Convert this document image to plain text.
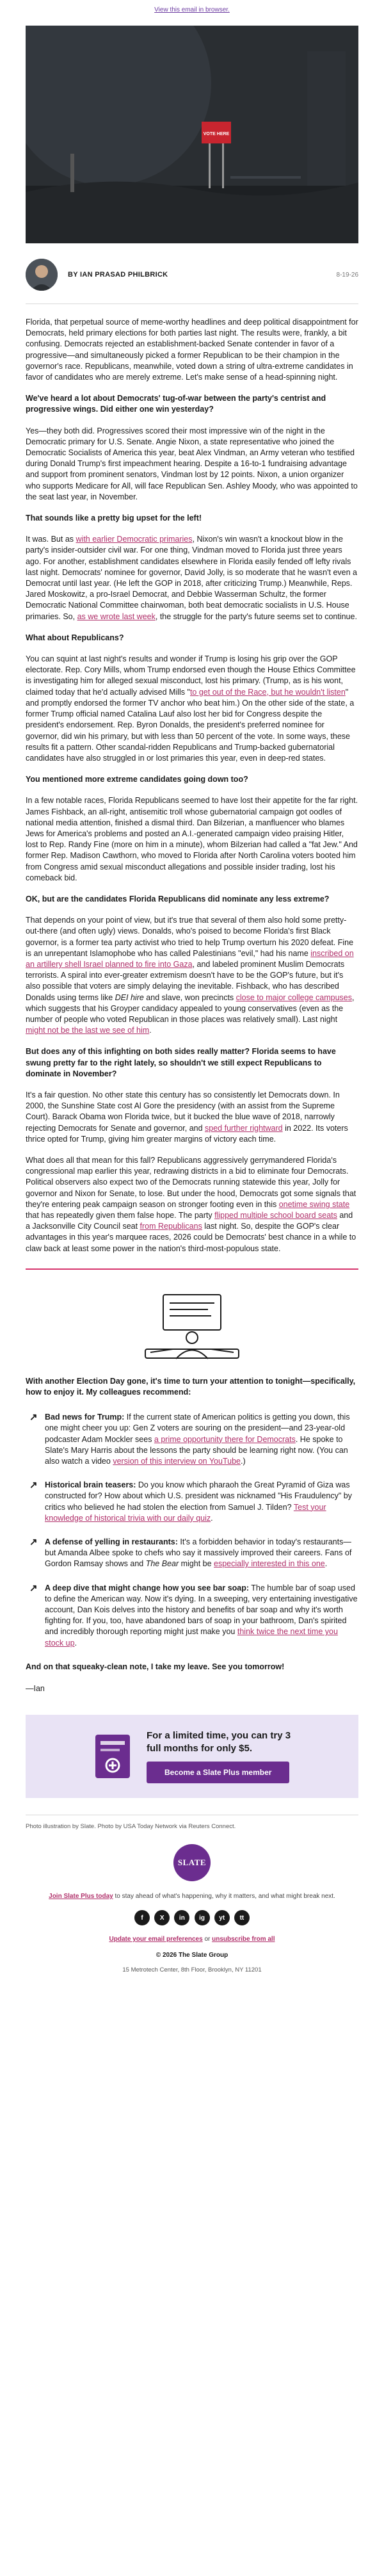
View this email in browser.
VOTE HERE
BY IAN PRASAD PHILBRICK	8-19-26

Florida, that perpetual source of meme-worthy headlines and deep political disappointment for Democrats, held primary elections for both parties last night. The results were, frankly, a bit confusing. Democrats rejected an establishment-backed Senate contender in favor of a progressive—and simultaneously picked a former Republican to be their champion in the governor's race. Republicans, meanwhile, voted down a string of ultra-extreme candidates in favor of candidates who are merely extreme. Let's make sense of a head-spinning night.

We've heard a lot about Democrats' tug-of-war between the party's centrist and progressive wings. Did either one win yesterday?

Yes—they both did. Progressives scored their most impressive win of the night in the Democratic primary for U.S. Senate. Angie Nixon, a state representative who joined the Democratic Socialists of America this year, beat Alex Vindman, an Army veteran who testified during Donald Trump's first impeachment hearing. Despite a 16-to-1 fundraising advantage and support from prominent senators, Vindman lost by 12 points. Nixon, a union organizer who supports Medicare for All, will face Republican Sen. Ashley Moody, who was appointed to the seat last year, in November.

That sounds like a pretty big upset for the left!

It was. But as with earlier Democratic primaries, Nixon's win wasn't a knockout blow in the party's insider-outsider civil war. For one thing, Vindman moved to Florida just three years ago. For another, establishment candidates elsewhere in Florida easily fended off lefty rivals last night. Democrats' nominee for governor, David Jolly, is so moderate that he wasn't even a Democrat until last year. (He left the GOP in 2018, after criticizing Trump.) Meanwhile, Reps. Jared Moskowitz, a pro-Israel Democrat, and Debbie Wasserman Schultz, the former Democratic National Committee chairwoman, both beat democratic socialists in U.S. House primaries. So, as we wrote last week, the struggle for the party's future seems set to continue.

What about Republicans?

You can squint at last night's results and wonder if Trump is losing his grip over the GOP electorate. Rep. Cory Mills, whom Trump endorsed even though the House Ethics Committee is investigating him for alleged sexual misconduct, lost his primary. (Trump, as is his wont, claimed today that he'd actually advised Mills "to get out of the Race, but he wouldn't listen" and promptly endorsed the former TV anchor who beat him.) On the other side of the state, a former Trump official named Catalina Lauf also lost her bid for Congress despite the president's endorsement. Rep. Byron Donalds, the president's preferred nominee for governor, did win his primary, but with less than 50 percent of the vote. In some ways, these results fit a pattern. Other scandal-ridden Republicans and Trump-backed gubernatorial candidates have also struggled in or lost primaries this year, even in deep-red states.

You mentioned more extreme candidates going down too?

In a few notable races, Florida Republicans seemed to have lost their appetite for the far right. James Fishback, an all-right, antisemitic troll whose gubernatorial campaign got oodles of national media attention, finished a dismal third. Dan Bilzerian, a manfluencer who blames Jews for America's problems and posted an A.I.-generated campaign video praising Hitler, lost to Rep. Randy Fine (more on him in a minute), whom Bilzerian had called a "fat Jew." And former Rep. Madison Cawthorn, who moved to Florida after North Carolina voters booted him from Congress amid sexual misconduct allegations and possible insider trading, lost his comeback bid.

OK, but are the candidates Florida Republicans did nominate any less extreme?

That depends on your point of view, but it's true that several of them also hold some pretty-out-there (and often ugly) views. Donalds, who's poised to become Florida's first Black governor, is a former tea party activist who tried to help Trump overturn his 2020 defeat. Fine is an unrepentant Islamophobe who has called Palestinians "evil," had his name inscribed on an artillery shell Israel planned to fire into Gaza, and labeled prominent Muslim Democrats terrorists. A spiral into ever-greater extremism doesn't have to be the GOP's future, but it's also possible that voters are simply delaying the inevitable. Fishback, who has described Donalds using terms like DEI hire and slave, won precincts close to major college campuses, which suggests that his Groyper candidacy appealed to young conservatives (even as the number of people who voted Republican in those places was relatively small). Last night might not be the last we see of him.

But does any of this infighting on both sides really matter? Florida seems to have swung pretty far to the right lately, so shouldn't we still expect Republicans to dominate in November?

It's a fair question. No other state this century has so consistently let Democrats down. In 2000, the Sunshine State cost Al Gore the presidency (with an assist from the Supreme Court). Barack Obama won Florida twice, but it bucked the blue wave of 2018, narrowly rejecting Democrats for Senate and governor, and sped further rightward in 2022. Its voters thrice opted for Trump, giving him greater margins of victory each time.

What does all that mean for this fall? Republicans aggressively gerrymandered Florida's congressional map earlier this year, redrawing districts in a bid to eliminate four Democrats. Political observers also expect two of the Democrats running statewide this year, Jolly for governor and Nixon for Senate, to lose. But under the hood, Democrats got some signals that they're entering peak campaign season on stronger footing even in this onetime swing state that has repeatedly given them false hope. The party flipped multiple school board seats and a Jacksonville City Council seat from Republicans last night. So, despite the GOP's clear advantages in this year's marquee races, 2026 could be Democrats' best chance in a while to claw back at least some power in the nation's third-most-populous state.

With another Election Day gone, it's time to turn your attention to tonight—specifically, how to enjoy it. My colleagues recommend:

↗ Bad news for Trump: If the current state of American politics is getting you down, this one might cheer you up: Gen Z voters are souring on the president—and 23-year-old podcaster Adam Mockler sees a prime opportunity there for Democrats. He spoke to Slate's Mary Harris about the lessons the party should be learning right now. (You can also watch a video version of this interview on YouTube.)
↗ Historical brain teasers: Do you know which pharaoh the Great Pyramid of Giza was constructed for? How about which U.S. president was nicknamed "His Fraudulency" by critics who believed he had stolen the election from Samuel J. Tilden? Test your knowledge of historical trivia with our daily quiz.
↗ A defense of yelling in restaurants: It's a forbidden behavior in today's restaurants—but Amanda Albee spoke to chefs who say it massively improved their careers. Fans of Gordon Ramsay shows and The Bear might be especially interested in this one.
↗ A deep dive that might change how you see bar soap: The humble bar of soap used to define the American way. Now it's dying. In a sweeping, very entertaining investigative account, Dan Kois delves into the history and benefits of bar soap and why it's worth fighting for. If you, too, have abandoned bars of soap in your bathroom, Dan's spirited and incredibly thorough reporting might just make you think twice the next time you stock up.

And on that squeaky-clean note, I take my leave. See you tomorrow!

—Ian

For a limited time, you can try 3 full months for only $5.
Become a Slate Plus member

Photo illustration by Slate. Photo by USA Today Network via Reuters Connect.

SLATE

Join Slate Plus today to stay ahead of what's happening, why it matters, and what might break next.

f	X	in	ig	yt	tt

Update your email preferences or unsubscribe from all

© 2026 The Slate Group

15 Metrotech Center, 8th Floor, Brooklyn, NY 11201
